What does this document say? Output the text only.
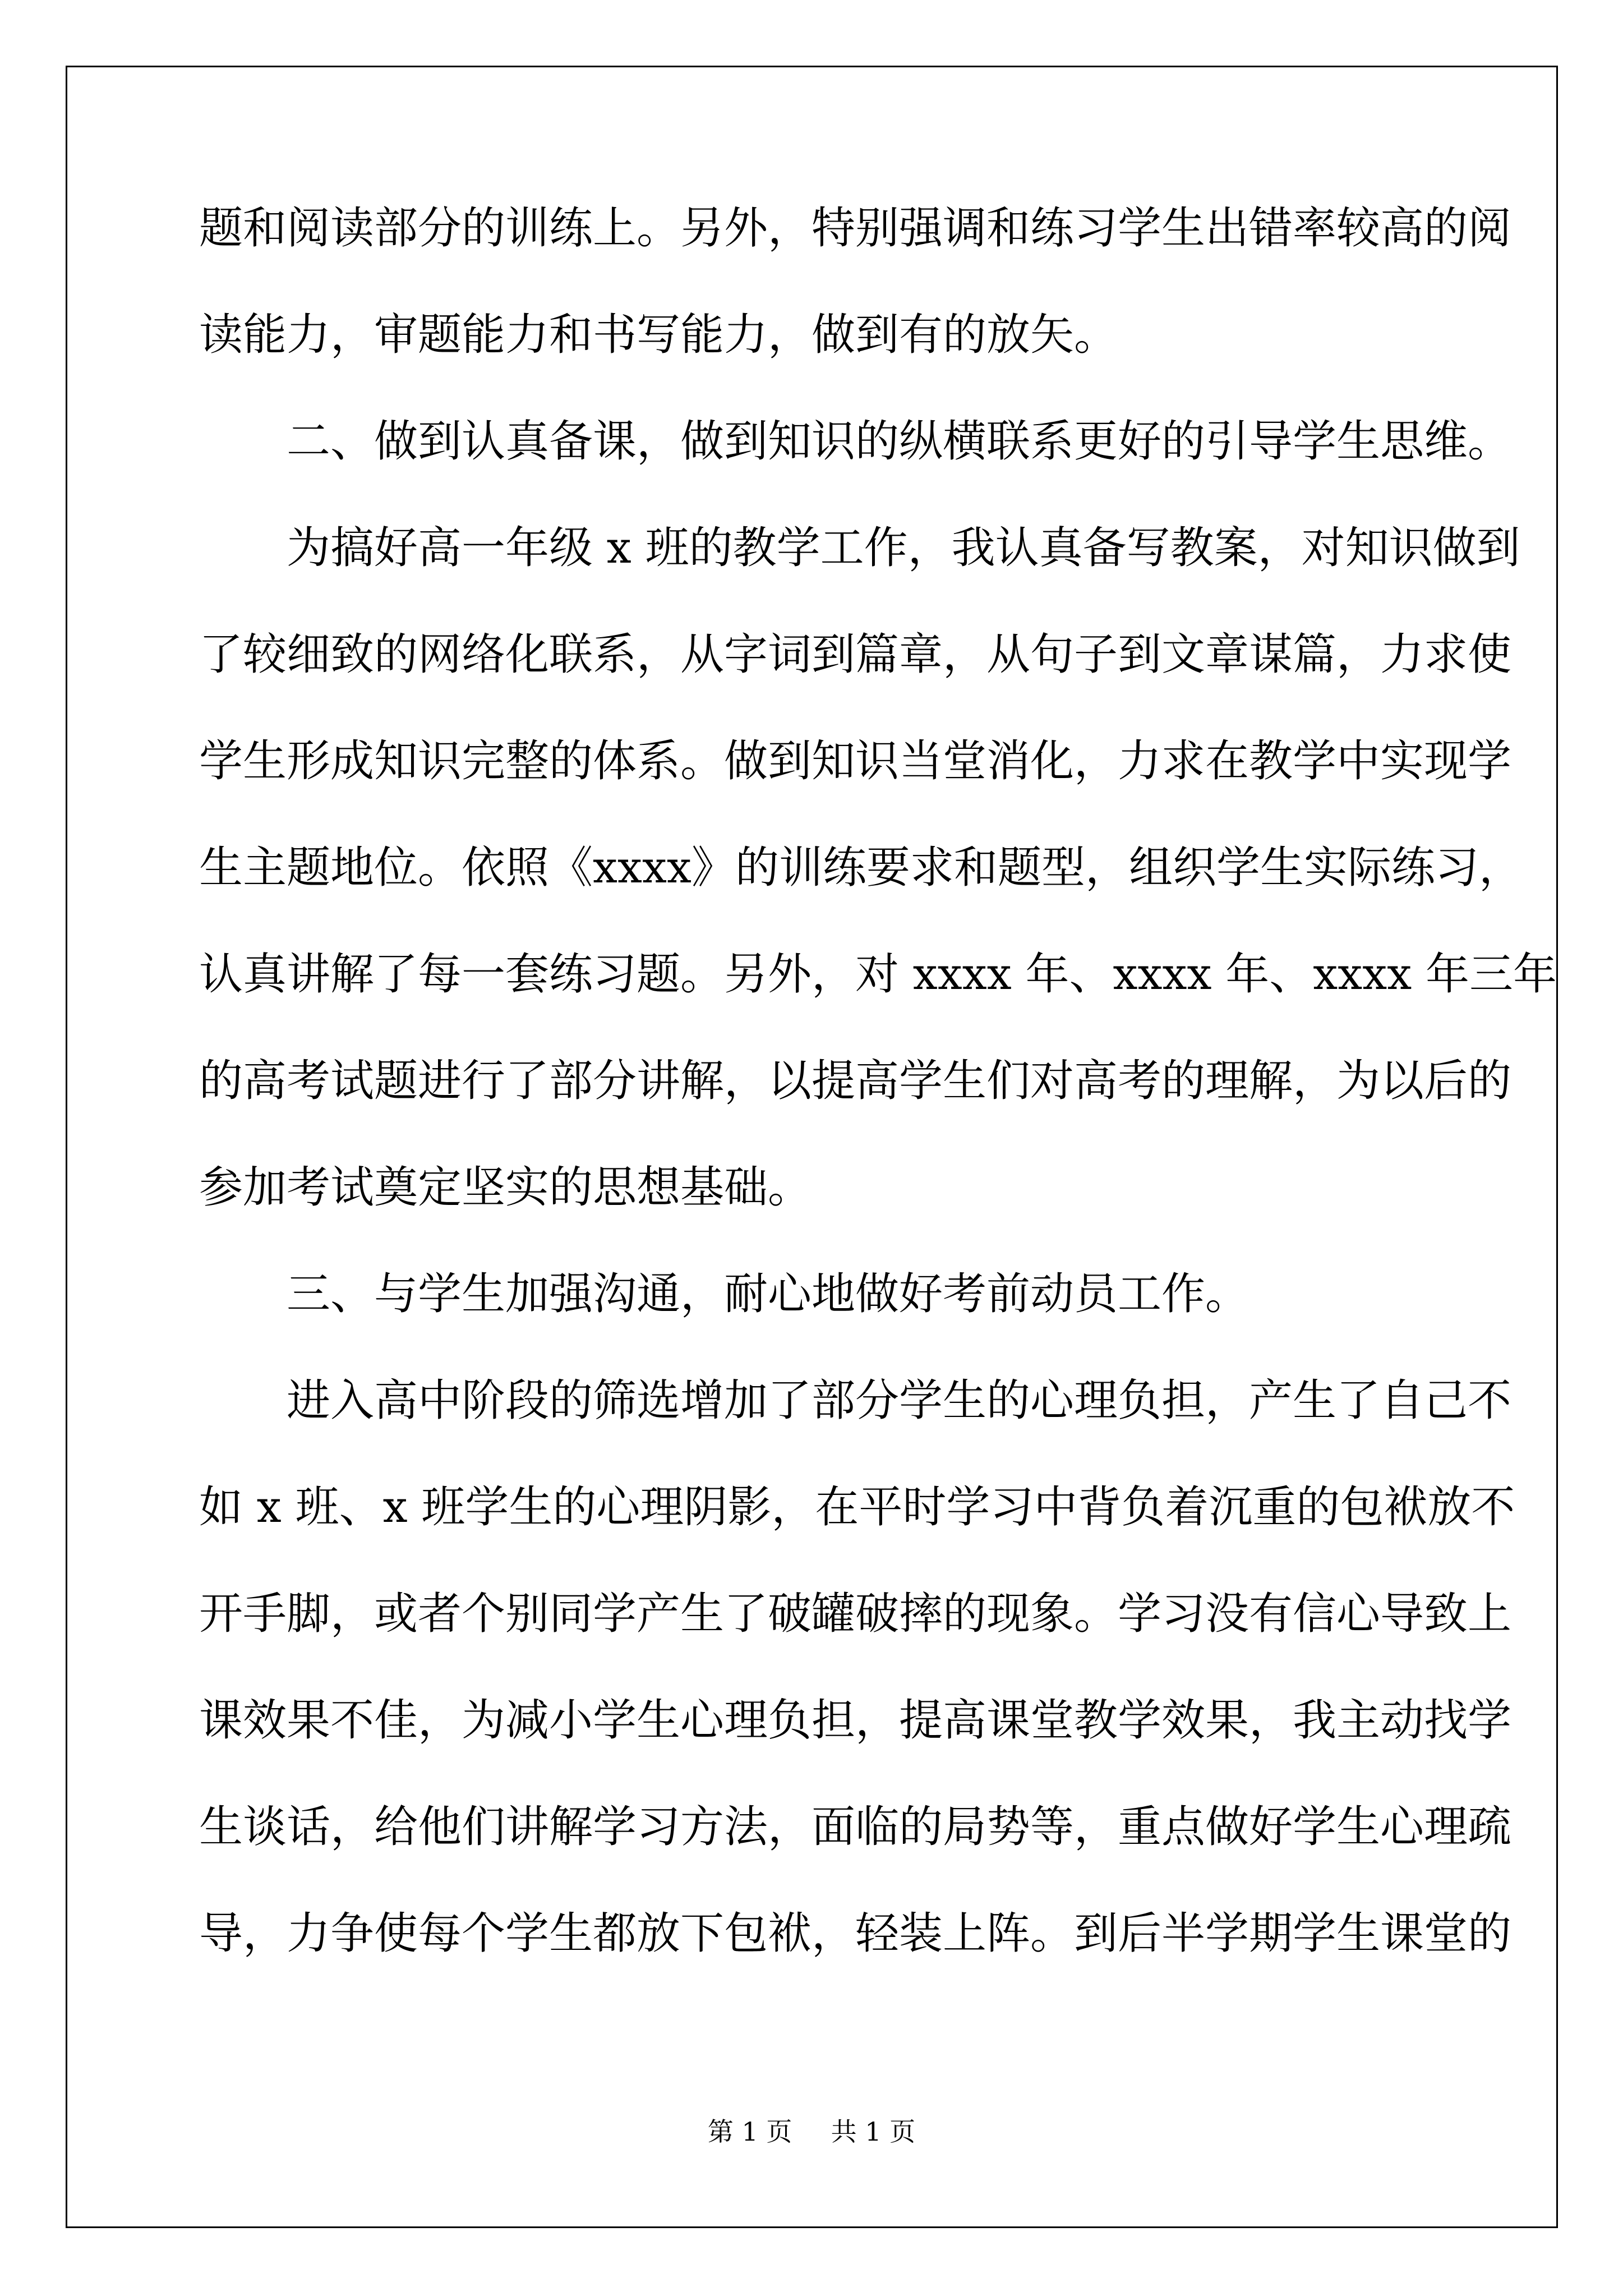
题和阅读部分的训练上。另外，特别强调和练习学生出错率较高的阅
读能力，审题能力和书写能力，做到有的放矢。
二、做到认真备课，做到知识的纵横联系更好的引导学生思维。
为搞好高一年级 x 班的教学工作，我认真备写教案，对知识做到
了较细致的网络化联系，从字词到篇章，从句子到文章谋篇，力求使
学生形成知识完整的体系。做到知识当堂消化，力求在教学中实现学
生主题地位。依照《xxxx》的训练要求和题型，组织学生实际练习，
认真讲解了每一套练习题。另外，对 xxxx 年、xxxx 年、xxxx 年三年
的高考试题进行了部分讲解，以提高学生们对高考的理解，为以后的
参加考试奠定坚实的思想基础。
三、与学生加强沟通，耐心地做好考前动员工作。
进入高中阶段的筛选增加了部分学生的心理负担，产生了自己不
如 x 班、x 班学生的心理阴影，在平时学习中背负着沉重的包袱放不
开手脚，或者个别同学产生了破罐破摔的现象。学习没有信心导致上
课效果不佳，为减小学生心理负担，提高课堂教学效果，我主动找学
生谈话，给他们讲解学习方法，面临的局势等，重点做好学生心理疏
导，力争使每个学生都放下包袱，轻装上阵。到后半学期学生课堂的
第 1 页 共 1 页
